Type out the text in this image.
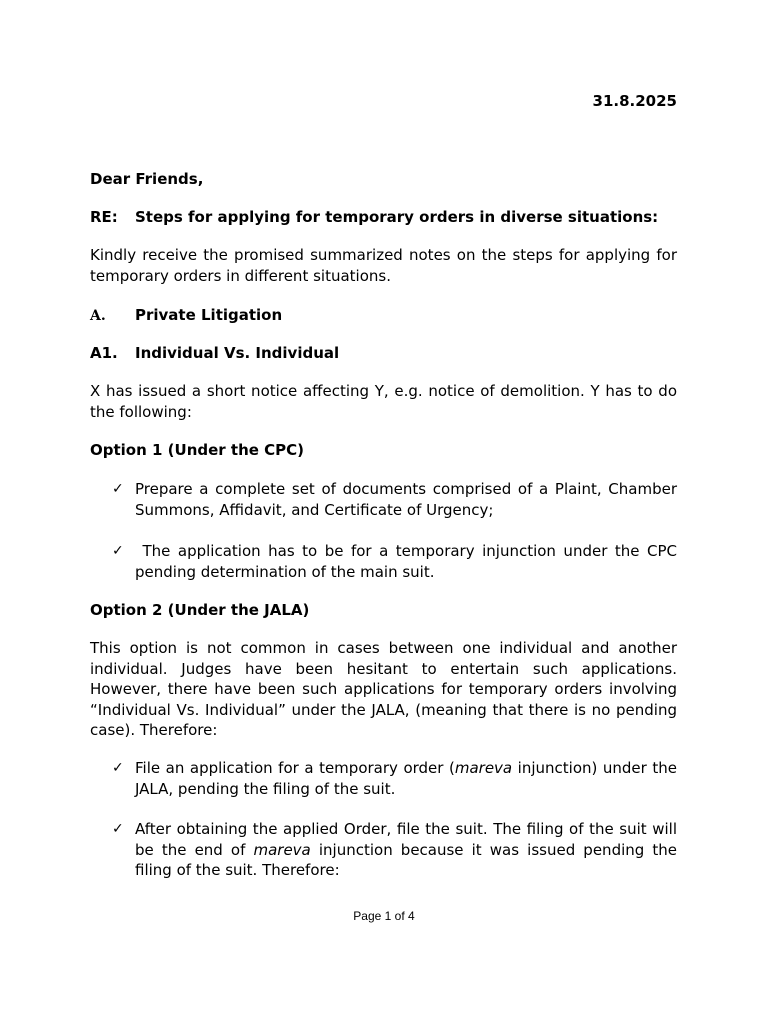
31.8.2025
Dear Friends,
RE: Steps for applying for temporary orders in diverse situations:
Kindly receive the promised summarized notes on the steps for applying for temporary orders in different situations.
A. Private Litigation
A1. Individual Vs. Individual
X has issued a short notice affecting Y, e.g. notice of demolition. Y has to do the following:
Option 1 (Under the CPC)
✓ Prepare a complete set of documents comprised of a Plaint, Chamber Summons, Affidavit, and Certificate of Urgency;
✓ The application has to be for a temporary injunction under the CPC pending determination of the main suit.
Option 2 (Under the JALA)
This option is not common in cases between one individual and another individual. Judges have been hesitant to entertain such applications. However, there have been such applications for temporary orders involving “Individual Vs. Individual” under the JALA, (meaning that there is no pending case). Therefore:
✓ File an application for a temporary order (mareva injunction) under the JALA, pending the filing of the suit.
✓ After obtaining the applied Order, file the suit. The filing of the suit will be the end of mareva injunction because it was issued pending the filing of the suit. Therefore:
Page 1 of 4
